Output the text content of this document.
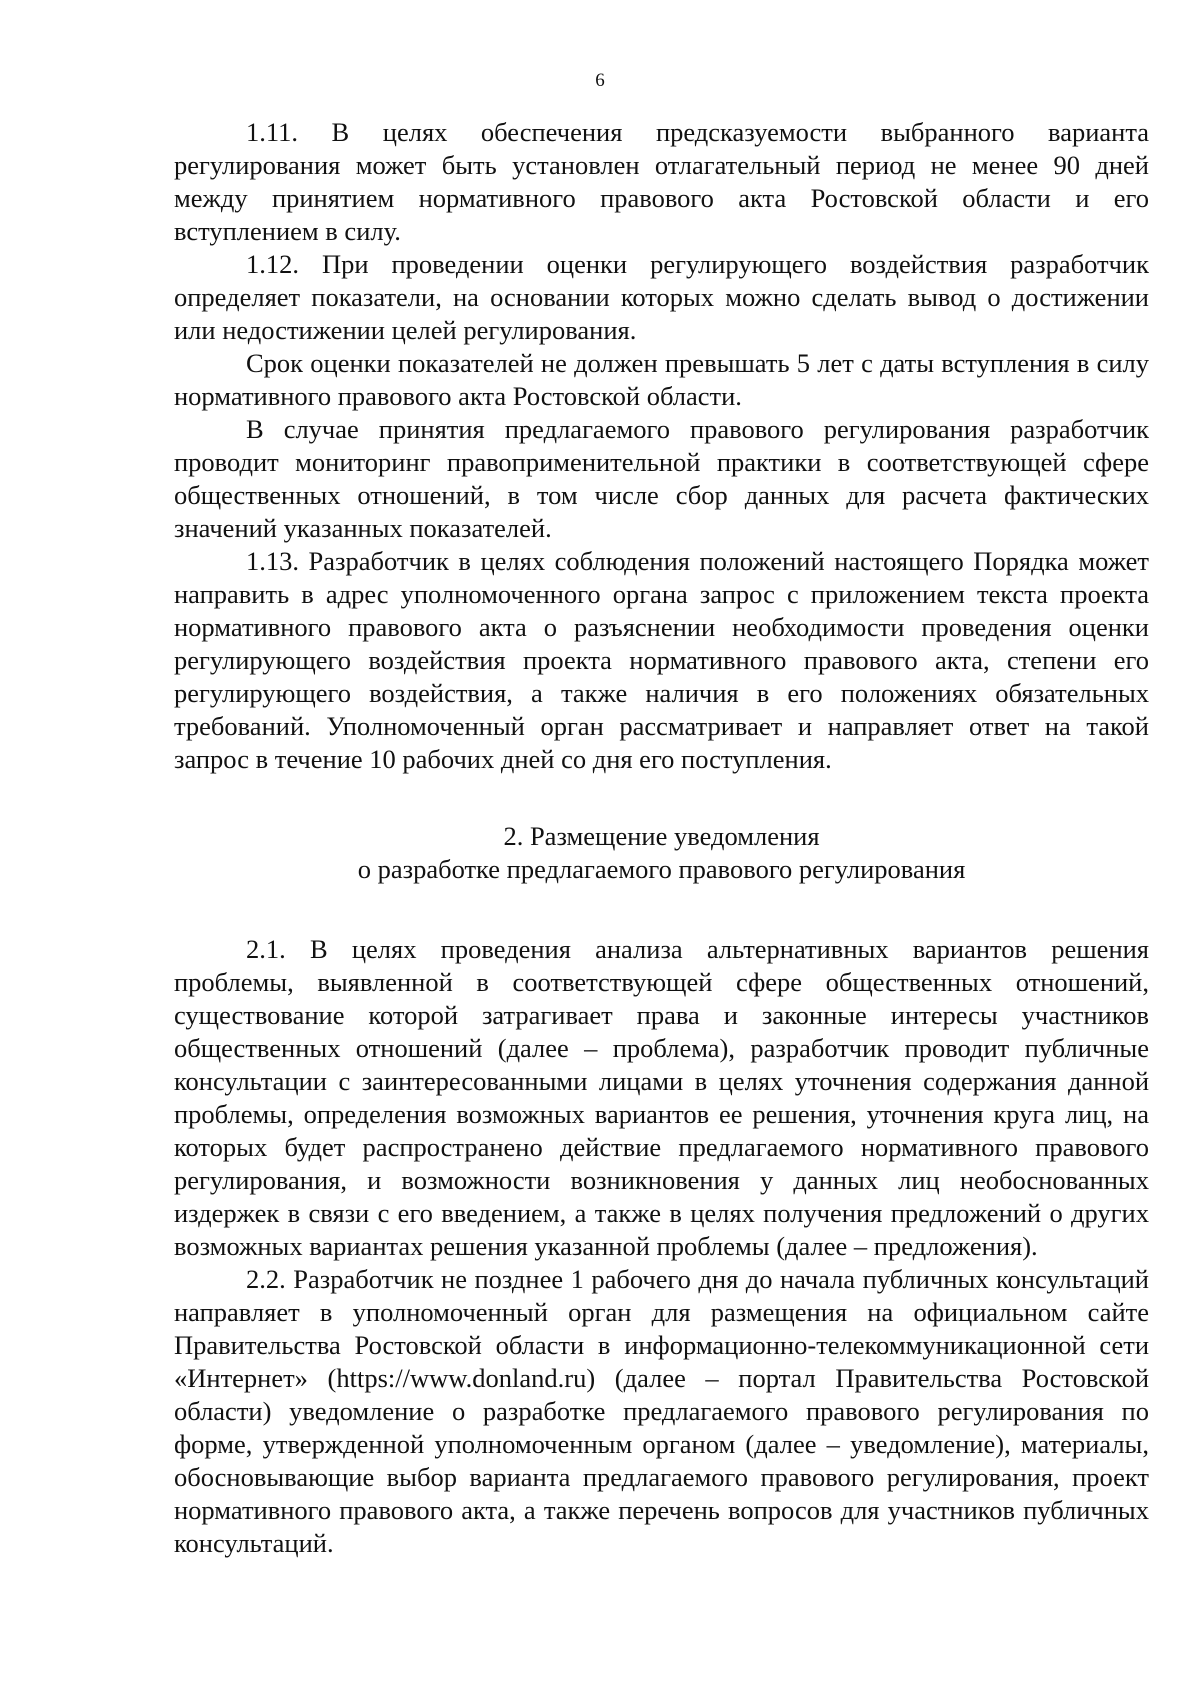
6

1.11. В целях обеспечения предсказуемости выбранного варианта регулирования может быть установлен отлагательный период не менее 90 дней между принятием нормативного правового акта Ростовской области и его вступлением в силу.

1.12. При проведении оценки регулирующего воздействия разработчик определяет показатели, на основании которых можно сделать вывод о достижении или недостижении целей регулирования.

Срок оценки показателей не должен превышать 5 лет с даты вступления в силу нормативного правового акта Ростовской области.

В случае принятия предлагаемого правового регулирования разработчик проводит мониторинг правоприменительной практики в соответствующей сфере общественных отношений, в том числе сбор данных для расчета фактических значений указанных показателей.

1.13. Разработчик в целях соблюдения положений настоящего Порядка может направить в адрес уполномоченного органа запрос с приложением текста проекта нормативного правового акта о разъяснении необходимости проведения оценки регулирующего воздействия проекта нормативного правового акта, степени его регулирующего воздействия, а также наличия в его положениях обязательных требований. Уполномоченный орган рассматривает и направляет ответ на такой запрос в течение 10 рабочих дней со дня его поступления.

2. Размещение уведомления
о разработке предлагаемого правового регулирования

2.1. В целях проведения анализа альтернативных вариантов решения проблемы, выявленной в соответствующей сфере общественных отношений, существование которой затрагивает права и законные интересы участников общественных отношений (далее – проблема), разработчик проводит публичные консультации с заинтересованными лицами в целях уточнения содержания данной проблемы, определения возможных вариантов ее решения, уточнения круга лиц, на которых будет распространено действие предлагаемого нормативного правового регулирования, и возможности возникновения у данных лиц необоснованных издержек в связи с его введением, а также в целях получения предложений о других возможных вариантах решения указанной проблемы (далее – предложения).

2.2. Разработчик не позднее 1 рабочего дня до начала публичных консультаций направляет в уполномоченный орган для размещения на официальном сайте Правительства Ростовской области в информационно-телекоммуникационной сети «Интернет» (https://www.donland.ru) (далее – портал Правительства Ростовской области) уведомление о разработке предлагаемого правового регулирования по форме, утвержденной уполномоченным органом (далее – уведомление), материалы, обосновывающие выбор варианта предлагаемого правового регулирования, проект нормативного правового акта, а также перечень вопросов для участников публичных консультаций.
